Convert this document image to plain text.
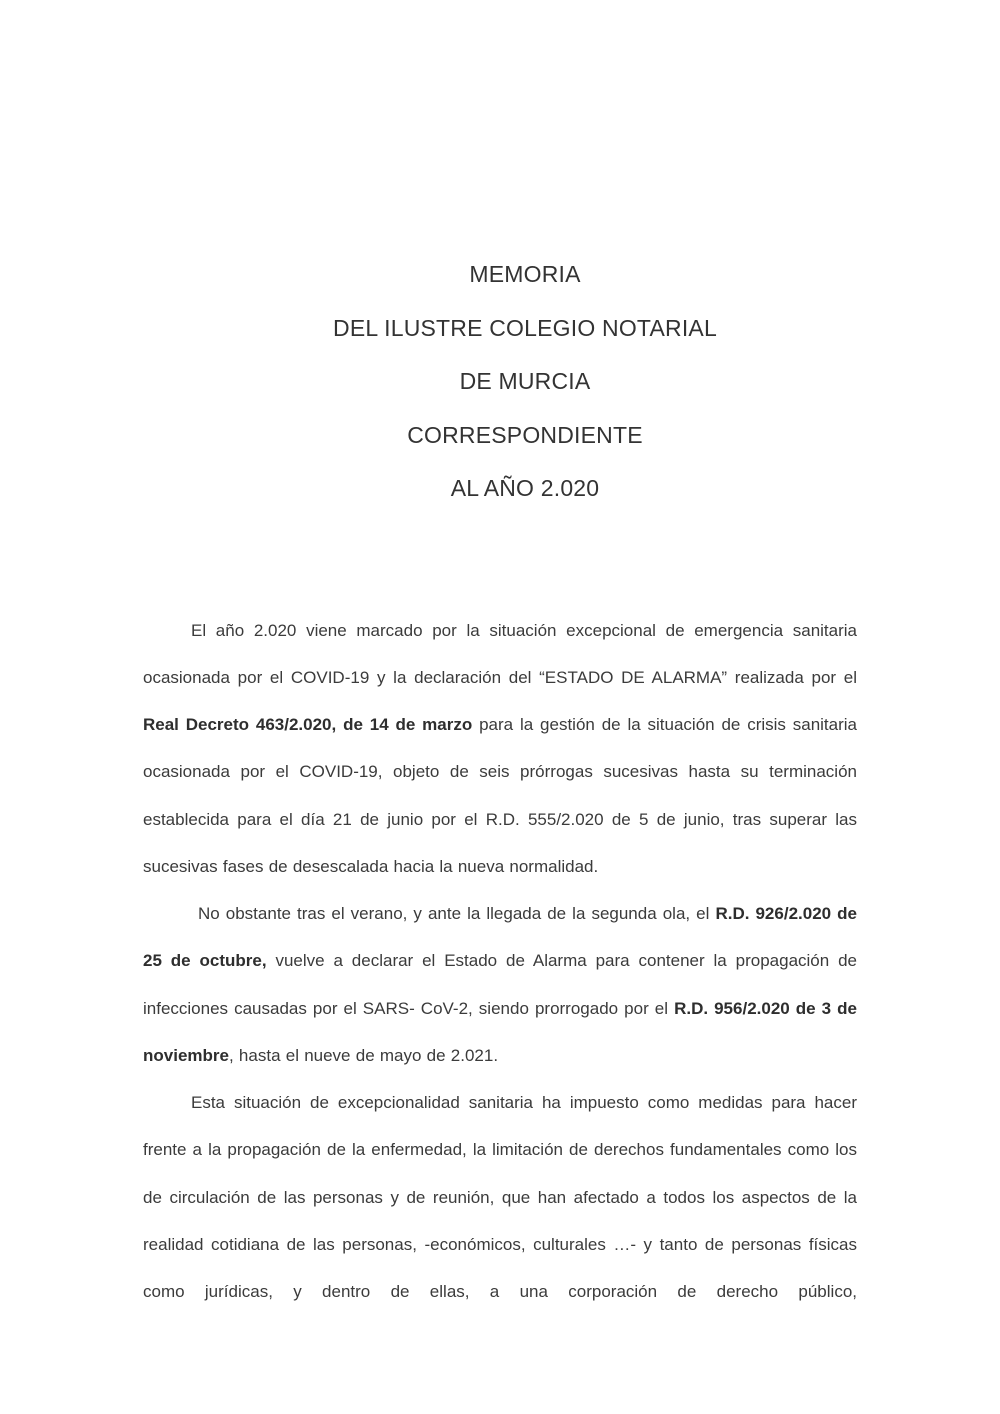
MEMORIA
DEL ILUSTRE COLEGIO NOTARIAL
DE MURCIA
CORRESPONDIENTE
AL AÑO 2.020

El año 2.020 viene marcado por la situación excepcional de emergencia sanitaria ocasionada por el COVID-19 y la declaración del “ESTADO DE ALARMA” realizada por el Real Decreto 463/2.020, de 14 de marzo para la gestión de la situación de crisis sanitaria ocasionada por el COVID-19, objeto de seis prórrogas sucesivas hasta su terminación establecida para el día 21 de junio por el R.D. 555/2.020 de 5 de junio, tras superar las sucesivas fases de desescalada hacia la nueva normalidad.

No obstante tras el verano, y ante la llegada de la segunda ola, el R.D. 926/2.020 de 25 de octubre, vuelve a declarar el Estado de Alarma para contener la propagación de infecciones causadas por el SARS- CoV-2, siendo prorrogado por el R.D. 956/2.020 de 3 de noviembre, hasta el nueve de mayo de 2.021.

Esta situación de excepcionalidad sanitaria ha impuesto como medidas para hacer frente a la propagación de la enfermedad, la limitación de derechos fundamentales como los de circulación de las personas y de reunión, que han afectado a todos los aspectos de la realidad cotidiana de las personas, -económicos, culturales …- y tanto de personas físicas como jurídicas, y dentro de ellas, a una corporación de derecho público,
